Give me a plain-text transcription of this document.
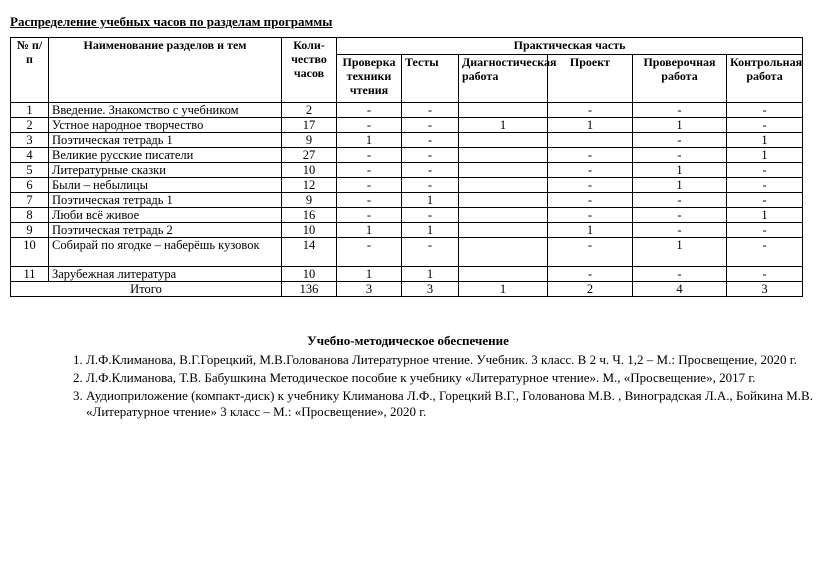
Распределение учебных часов по разделам программы
№ п/п	Наименование разделов и тем	Коли-чество часов	Практическая часть					
			Проверка техники чтения	Тесты	Диагностическая работа	Проект	Проверочная работа	Контрольная работа
1	Введение. Знакомство с учебником	2	-	-		-	-	-
2	Устное народное творчество	17	-	-	1	1	1	-
3	Поэтическая тетрадь 1	9	1	-			-	1
4	Великие русские писатели	27	-	-		-	-	1
5	Литературные сказки	10	-	-		-	1	-
6	Были – небылицы	12	-	-		-	1	-
7	Поэтическая тетрадь 1	9	-	1		-	-	-
8	Люби всё живое	16	-	-		-	-	1
9	Поэтическая тетрадь 2	10	1	1		1	-	-
10	Собирай по ягодке – наберёшь кузовок	14	-	-		-	1	-
11	Зарубежная литература	10	1	1		-	-	-
Итого		136	3	3	1	2	4	3
Учебно-методическое обеспечение
1. Л.Ф.Климанова, В.Г.Горецкий, М.В.Голованова Литературное чтение. Учебник. 3 класс. В 2 ч. Ч. 1,2 – М.: Просвещение, 2020 г.
2. Л.Ф.Климанова, Т.В. Бабушкина Методическое пособие к учебнику «Литературное чтение». М., «Просвещение», 2017 г.
3. Аудиоприложение (компакт-диск) к учебнику Климанова Л.Ф., Горецкий В.Г., Голованова М.В. , Виноградская Л.А., Бойкина М.В. «Литературное чтение» 3 класс – М.: «Просвещение», 2020 г.
